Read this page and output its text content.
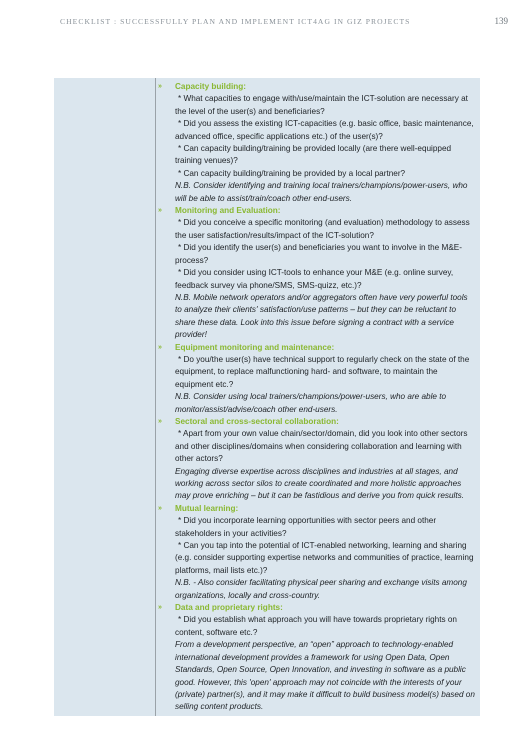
CHECKLIST : SUCCESSFULLY PLAN AND IMPLEMENT ICT4AG IN GIZ PROJECTS	139
» Capacity building:
* What capacities to engage with/use/maintain the ICT-solution are necessary at the level of the user(s) and beneficiaries?
* Did you assess the existing ICT-capacities (e.g. basic office, basic maintenance, advanced office, specific applications etc.) of the user(s)?
* Can capacity building/training be provided locally (are there well-equipped training venues)?
* Can capacity building/training be provided by a local partner?
N.B. Consider identifying and training local trainers/champions/power-users, who will be able to assist/train/coach other end-users.
» Monitoring and Evaluation:
* Did you conceive a specific monitoring (and evaluation) methodology to assess the user satisfaction/results/impact of the ICT-solution?
* Did you identify the user(s) and beneficiaries you want to involve in the M&E-process?
* Did you consider using ICT-tools to enhance your M&E (e.g. online survey, feedback survey via phone/SMS, SMS-quizz, etc.)?
N.B. Mobile network operators and/or aggregators often have very powerful tools to analyze their clients' satisfaction/use patterns – but they can be reluctant to share these data. Look into this issue before signing a contract with a service provider!
» Equipment monitoring and maintenance:
* Do you/the user(s) have technical support to regularly check on the state of the equipment, to replace malfunctioning hard- and software, to maintain the equipment etc.?
N.B. Consider using local trainers/champions/power-users, who are able to monitor/assist/advise/coach other end-users.
» Sectoral and cross-sectoral collaboration:
* Apart from your own value chain/sector/domain, did you look into other sectors and other disciplines/domains when considering collaboration and learning with other actors?
Engaging diverse expertise across disciplines and industries at all stages, and working across sector silos to create coordinated and more holistic approaches may prove enriching – but it can be fastidious and derive you from quick results.
» Mutual learning:
* Did you incorporate learning opportunities with sector peers and other stakeholders in your activities?
* Can you tap into the potential of ICT-enabled networking, learning and sharing (e.g. consider supporting expertise networks and communities of practice, learning platforms, mail lists etc.)?
N.B. - Also consider facilitating physical peer sharing and exchange visits among organizations, locally and cross-country.
» Data and proprietary rights:
* Did you establish what approach you will have towards proprietary rights on content, software etc.?
From a development perspective, an “open” approach to technology-enabled international development provides a framework for using Open Data, Open Standards, Open Source, Open Innovation, and investing in software as a public good. However, this 'open' approach may not coincide with the interests of your (private) partner(s), and it may make it difficult to build business model(s) based on selling content products.
